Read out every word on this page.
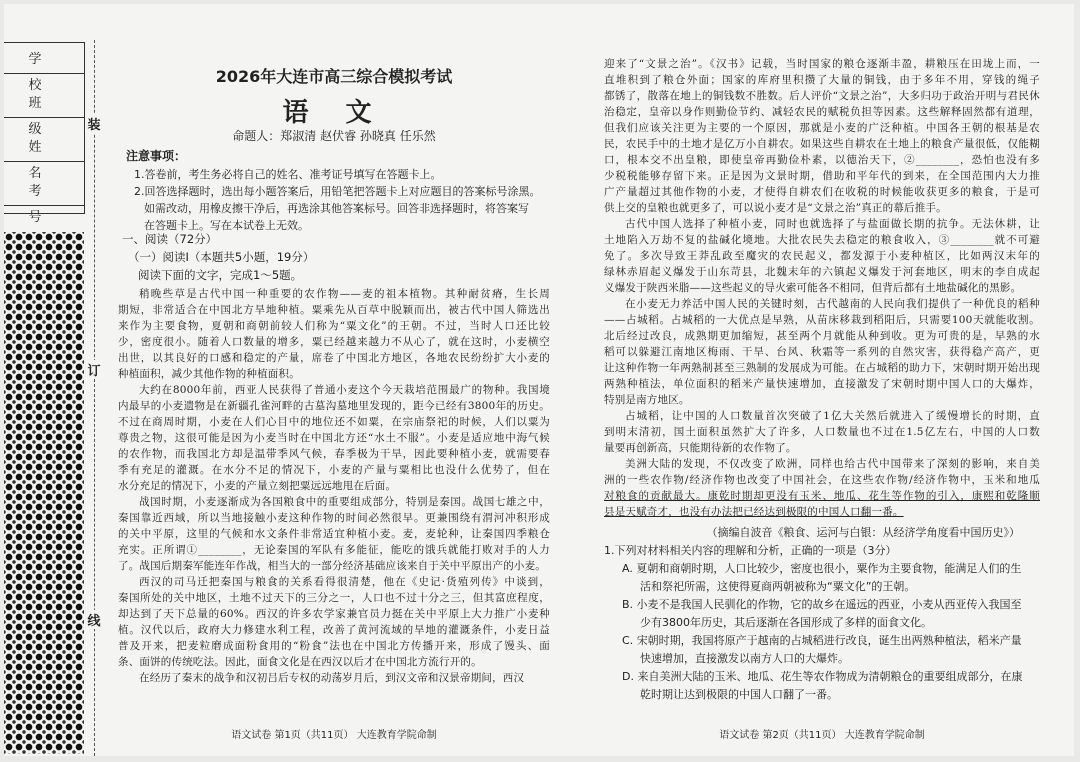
学 校
班 级
姓 名
考 号
装
订
线
2026年大连市高三综合模拟考试
语 文
命题人：郑淑清 赵伏睿 孙晓真 任乐然
注意事项：
1.答卷前，考生务必将自己的姓名、准考证号填写在答题卡上。
2.回答选择题时，选出每小题答案后，用铅笔把答题卡上对应题目的答案标号涂黑。
如需改动，用橡皮擦干净后，再选涂其他答案标号。回答非选择题时，将答案写
在答题卡上。写在本试卷上无效。
一、阅读（72分）
（一）阅读Ⅰ（本题共5小题，19分）
阅读下面的文字，完成1～5题。
稍晚些草是古代中国一种重要的农作物——麦的祖本植物。其种耐贫瘠，生长周
期短，非常适合在中国北方旱地种植。粟乘先从百草中脱颖而出，被古代中国人筛选出
来作为主要食物，夏朝和商朝前较人们称为“粟文化”的王朝。不过，当时人口还比较
少，密度很小。随着人口数量的增多，粟已经越来越力不从心了，就在这时，小麦横空
出世，以其良好的口感和稳定的产量，席卷了中国北方地区，各地农民纷纷扩大小麦的
种植面积，减少其他作物的种植面积。
大约在8000年前，西亚人民获得了普通小麦这个今天栽培范围最广的物种。我国境
内最早的小麦遗物是在新疆孔雀河畔的古墓沟墓地里发现的，距今已经有3800年的历史。
不过在商周时期，小麦在人们心目中的地位还不如粟，在宗庙祭祀的时候，人们以粟为
尊贵之物，这很可能是因为小麦当时在中国北方还“水土不服”。小麦是适应地中海气候
的农作物，而我国北方却是温带季风气候，春季极为干旱，因此要种植小麦，就需要春
季有充足的灌溉。在水分不足的情况下，小麦的产量与粟相比也没什么优势了，但在
水分充足的情况下，小麦的产量立刻把粟远远地甩在后面。
战国时期，小麦逐渐成为各国粮食中的重要组成部分，特别是秦国。战国七雄之中，
秦国靠近西域，所以当地接触小麦这种作物的时间必然很早。更兼围绕有渭河冲积形成
的关中平原，这里的气候和水文条件非常适宜种植小麦。麦，麦轮种，让秦国四季粮仓
充实。正所谓①________，无论秦国的军队有多能征，能吃的饿兵就能打败对手的人力
了。战国后期秦军能连年作战，相当大的一部分经济基础应该来自于关中平原出产的小麦。
西汉的司马迁把秦国与粮食的关系看得很清楚，他在《史记·货殖列传》中谈到，
秦国所处的关中地区，土地不过天下的三分之一，人口也不过十分之三，但其富庶程度，
却达到了天下总量的60%。西汉的许多农学家兼官员力挺在关中平原上大力推广小麦种
植。汉代以后，政府大力修建水利工程，改善了黄河流域的旱地的灌溉条件，小麦日益
普及开来，把麦粒磨成面粉食用的“粉食”法也在中国北方传播开来，形成了馒头、面
条、面饼的传统吃法。因此，面食文化是在西汉以后才在中国北方流行开的。
在经历了秦末的战争和汉初吕后专权的动荡岁月后，到汉文帝和汉景帝期间，西汉
语文试卷 第1页（共11页） 大连教育学院命制
迎来了“文景之治”。《汉书》记载，当时国家的粮仓逐渐丰盈，耕粮压在田垅上而，一
直堆积到了粮仓外面；国家的库府里积攒了大量的铜钱，由于多年不用，穿钱的绳子
都锈了，散落在地上的铜钱数不胜数。后人评价“文景之治”，大多归功于政治开明与君民休
治稳定，皇帝以身作则勤俭节约、减轻农民的赋税负担等因素。这些解释固然都有道理，
但我们应该关注更为主要的一个原因，那就是小麦的广泛种植。中国各王朝的根基是农
民，农民手中的土地才是亿万小自耕农。如果这些自耕农在土地上的粮食产量很低，仅能糊
口，根本交不出皇粮，即使皇帝再勤俭朴素，以德治天下，②________，恐怕也没有多
少税税能够存留下来。正是因为文景时期，借助和平年代的到来，在全国范围内大力推
广产量超过其他作物的小麦，才使得自耕农们在收税的时候能收获更多的粮食，于是可
供上交的皇粮也就更多了，可以说小麦才是“文景之治”真正的幕后推手。
古代中国人选择了种植小麦，同时也就选择了与盐面做长期的抗争。无法休耕，让
土地陷入万劫不复的盐碱化境地。大批农民失去稳定的粮食收入，③________就不可避
免了。多次导致王莽乱政至魔灾的农民起义，都发源于小麦种植区，比如两汉末年的
绿林赤眉起义爆发于山东苛县，北魏末年的六镇起义爆发于河套地区，明末的李自成起
义爆发于陕西米脂——这些起义的导火索可能各不相同，但背后都有土地盐碱化的黑影。
在小麦无力养活中国人民的关键时刻，古代越南的人民向我们提供了一种优良的稻种
——占城稻。占城稻的一大优点是早熟，从苗床移栽到稻阳后，只需要100天就能收割。
北后经过改良，成熟期更加缩短，甚至两个月就能从种到收。更为可贵的是，早熟的水
稻可以躲避江南地区梅雨、干旱、台风、秋霜等一系列的自然灾害，获得稳产高产，更
让这种作物一年两熟制甚至三熟制的发展成为可能。在占城稻的助力下，宋朝时期开始出现
两熟种植法，单位面积的稻米产量快速增加，直接激发了宋朝时期中国人口的大爆炸，
特别是南方地区。
占城稻，让中国的人口数量首次突破了1亿大关然后就进入了缓慢增长的时期，直
到明末清初，国土面积虽然扩大了许多，人口数量也不过在1.5亿左右，中国的人口数
量要再创新高，只能期待新的农作物了。
美洲大陆的发现，不仅改变了欧洲，同样也给古代中国带来了深刻的影响，来自美
洲的一些农作物/经济作物也改变了中国社会，在这些农作物/经济作物中，玉米和地瓜
对粮食的贡献最大。康乾时期却更没有玉米、地瓜、花生等作物的引入，康熙和乾隆顺
县是天赋奇才，也没有办法把已经达到极限的中国人口翻一番。
（摘编自波音《粮食、运河与白银：从经济学角度看中国历史》）
1.下列对材料相关内容的理解和分析，正确的一项是（3分）
A. 夏朝和商朝时期，人口比较少，密度也很小，粟作为主要食物，能满足人们的生
活和祭祀所需，这使得夏商两朝被称为“粟文化”的王朝。
B. 小麦不是我国人民驯化的作物，它的故乡在遥远的西亚，小麦从西亚传入我国至
少有3800年历史，其后逐渐在各国形成了多样的面食文化。
C. 宋朝时期，我国将原产于越南的占城稻进行改良，诞生出两熟种植法，稻米产量
快速增加，直接激发以南方人口的大爆炸。
D. 来自美洲大陆的玉米、地瓜、花生等农作物成为清朝粮仓的重要组成部分，在康
乾时期让达到极限的中国人口翻了一番。
语文试卷 第2页（共11页） 大连教育学院命制
